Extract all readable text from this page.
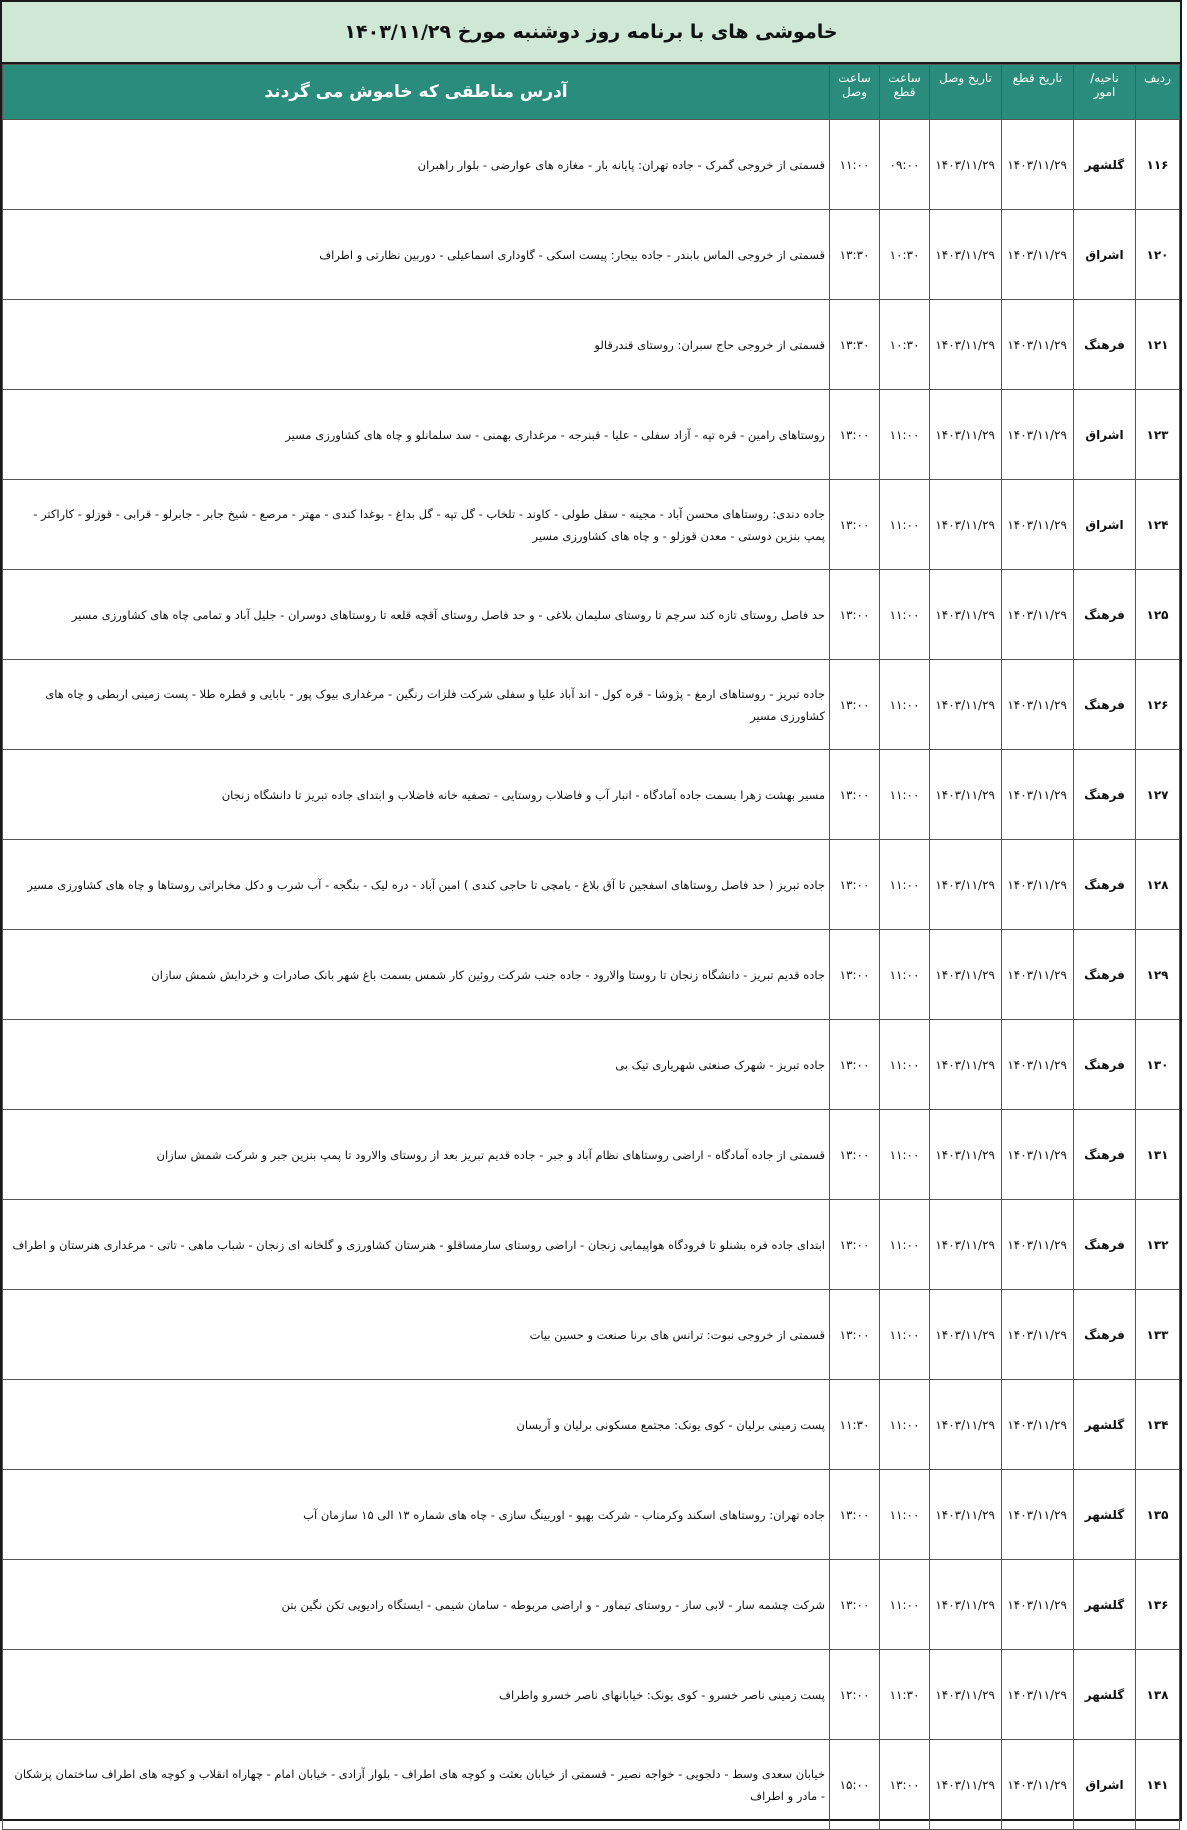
خاموشی های با برنامه روز دوشنبه مورخ ۱۴۰۳/۱۱/۲۹
ردیف	ناحیه/امور	تاریخ قطع	تاریخ وصل	ساعت قطع	ساعت وصل	آدرس مناطقی که خاموش می گردند
۱۱۶	گلشهر	۱۴۰۳/۱۱/۲۹	۱۴۰۳/۱۱/۲۹	۰۹:۰۰	۱۱:۰۰	قسمتی از خروجی گمرک - جاده تهران: پایانه بار - مغازه های عوارضی - بلوار راهبران
۱۲۰	اشراق	۱۴۰۳/۱۱/۲۹	۱۴۰۳/۱۱/۲۹	۱۰:۳۰	۱۳:۳۰	قسمتی از خروجی الماس بابندر - جاده بیجار: پیست اسکی - گاوداری اسماعیلی - دوربین نظارتی و اطراف
۱۲۱	فرهنگ	۱۴۰۳/۱۱/۲۹	۱۴۰۳/۱۱/۲۹	۱۰:۳۰	۱۳:۳۰	قسمتی از خروجی حاج سبران: روستای قندرقالو
۱۲۳	اشراق	۱۴۰۳/۱۱/۲۹	۱۴۰۳/۱۱/۲۹	۱۱:۰۰	۱۳:۰۰	روستاهای رامین - قره تپه - آزاد سفلی - علیا - قبنرجه - مرغداری بهمنی - سد سلمانلو و چاه های کشاورزی مسیر
۱۲۴	اشراق	۱۴۰۳/۱۱/۲۹	۱۴۰۳/۱۱/۲۹	۱۱:۰۰	۱۳:۰۰	جاده دندی: روستاهای محسن آباد - مجینه - سقل طولی - کاوند - تلخاب - گل تپه - گل بداغ - بوغدا کندی - مهتر - مرصع - شیخ جابر - جابرلو - قرابی - قوزلو - کاراکتر - پمپ بنزین دوستی - معدن قوزلو - و چاه های کشاورزی مسیر
۱۲۵	فرهنگ	۱۴۰۳/۱۱/۲۹	۱۴۰۳/۱۱/۲۹	۱۱:۰۰	۱۳:۰۰	حد فاصل روستای تازه کند سرچم تا روستای سلیمان بلاغی - و حد فاصل روستای آقچه قلعه تا روستاهای دوسران - جلیل آباد و تمامی چاه های کشاورزی مسیر
۱۲۶	فرهنگ	۱۴۰۳/۱۱/۲۹	۱۴۰۳/۱۱/۲۹	۱۱:۰۰	۱۳:۰۰	جاده تبریز - روستاهای ارمغ - پژوشا - قره کول - اند آباد علیا و سفلی شرکت فلزات رنگین - مرغداری بیوک پور - بابایی و قطره طلا - پست زمینی اربطی و چاه های کشاورزی مسیر
۱۲۷	فرهنگ	۱۴۰۳/۱۱/۲۹	۱۴۰۳/۱۱/۲۹	۱۱:۰۰	۱۳:۰۰	مسیر بهشت زهرا بسمت جاده آمادگاه - انبار آب و فاضلاب روستایی - تصفیه خانه فاضلاب و ابتدای جاده تبریز تا دانشگاه زنجان
۱۲۸	فرهنگ	۱۴۰۳/۱۱/۲۹	۱۴۰۳/۱۱/۲۹	۱۱:۰۰	۱۳:۰۰	جاده تبریز ( حد فاصل روستاهای اسفجین تا آق بلاغ - یامچی تا حاجی کندی ) امین آباد - دره لیک - بنگجه - آب شرب و دکل مخابراتی روستاها و چاه های کشاورزی مسیر
۱۲۹	فرهنگ	۱۴۰۳/۱۱/۲۹	۱۴۰۳/۱۱/۲۹	۱۱:۰۰	۱۳:۰۰	جاده قدیم تبریز - دانشگاه زنجان تا روستا والارود - جاده جنب شرکت روئین کار شمس بسمت باغ شهر بانک صادرات و خردایش شمش سازان
۱۳۰	فرهنگ	۱۴۰۳/۱۱/۲۹	۱۴۰۳/۱۱/۲۹	۱۱:۰۰	۱۳:۰۰	جاده تبریز - شهرک صنعتی شهریاری تیک بی
۱۳۱	فرهنگ	۱۴۰۳/۱۱/۲۹	۱۴۰۳/۱۱/۲۹	۱۱:۰۰	۱۳:۰۰	قسمتی از جاده آمادگاه - اراضی روستاهای نظام آباد و جبر - جاده قدیم تبریز بعد از روستای والارود تا پمپ بنزین جبر و شرکت شمش سازان
۱۳۲	فرهنگ	۱۴۰۳/۱۱/۲۹	۱۴۰۳/۱۱/۲۹	۱۱:۰۰	۱۳:۰۰	ابتدای جاده فره بشنلو تا فرودگاه هواپیمایی زنجان - اراضی روستای سارمساقلو - هنرستان کشاورزی و گلخانه ای زنجان - شباب ماهی - تاتی - مرغداری هنرستان و اطراف
۱۳۳	فرهنگ	۱۴۰۳/۱۱/۲۹	۱۴۰۳/۱۱/۲۹	۱۱:۰۰	۱۳:۰۰	قسمتی از خروجی نبوت: ترانس های برنا صنعت و حسین بیات
۱۳۴	گلشهر	۱۴۰۳/۱۱/۲۹	۱۴۰۳/۱۱/۲۹	۱۱:۰۰	۱۱:۳۰	پست زمینی برلیان - کوی یونک: مجتمع مسکونی برلیان و آریسان
۱۳۵	گلشهر	۱۴۰۳/۱۱/۲۹	۱۴۰۳/۱۱/۲۹	۱۱:۰۰	۱۳:۰۰	جاده تهران: روستاهای اسکند وکرمناب - شرکت بهپو - اوربینگ سازی - چاه های شماره ۱۳ الی ۱۵ سازمان آب
۱۳۶	گلشهر	۱۴۰۳/۱۱/۲۹	۱۴۰۳/۱۱/۲۹	۱۱:۰۰	۱۳:۰۰	شرکت چشمه سار - لابی ساز - روستای تیماور - و اراضی مربوطه - سامان شیمی - ایستگاه رادیویی تکن نگین بتن
۱۳۸	گلشهر	۱۴۰۳/۱۱/۲۹	۱۴۰۳/۱۱/۲۹	۱۱:۳۰	۱۲:۰۰	پست زمینی ناصر خسرو - کوی یونک: خیابانهای ناصر خسرو واطراف
۱۴۱	اشراق	۱۴۰۳/۱۱/۲۹	۱۴۰۳/۱۱/۲۹	۱۳:۰۰	۱۵:۰۰	خیابان سعدی وسط - دلجویی - خواجه نصیر - قسمتی از خیابان بعثت و کوچه های اطراف - بلوار آزادی - خیابان امام - چهاراه انقلاب و کوچه های اطراف ساختمان پزشکان - مادر و اطراف
